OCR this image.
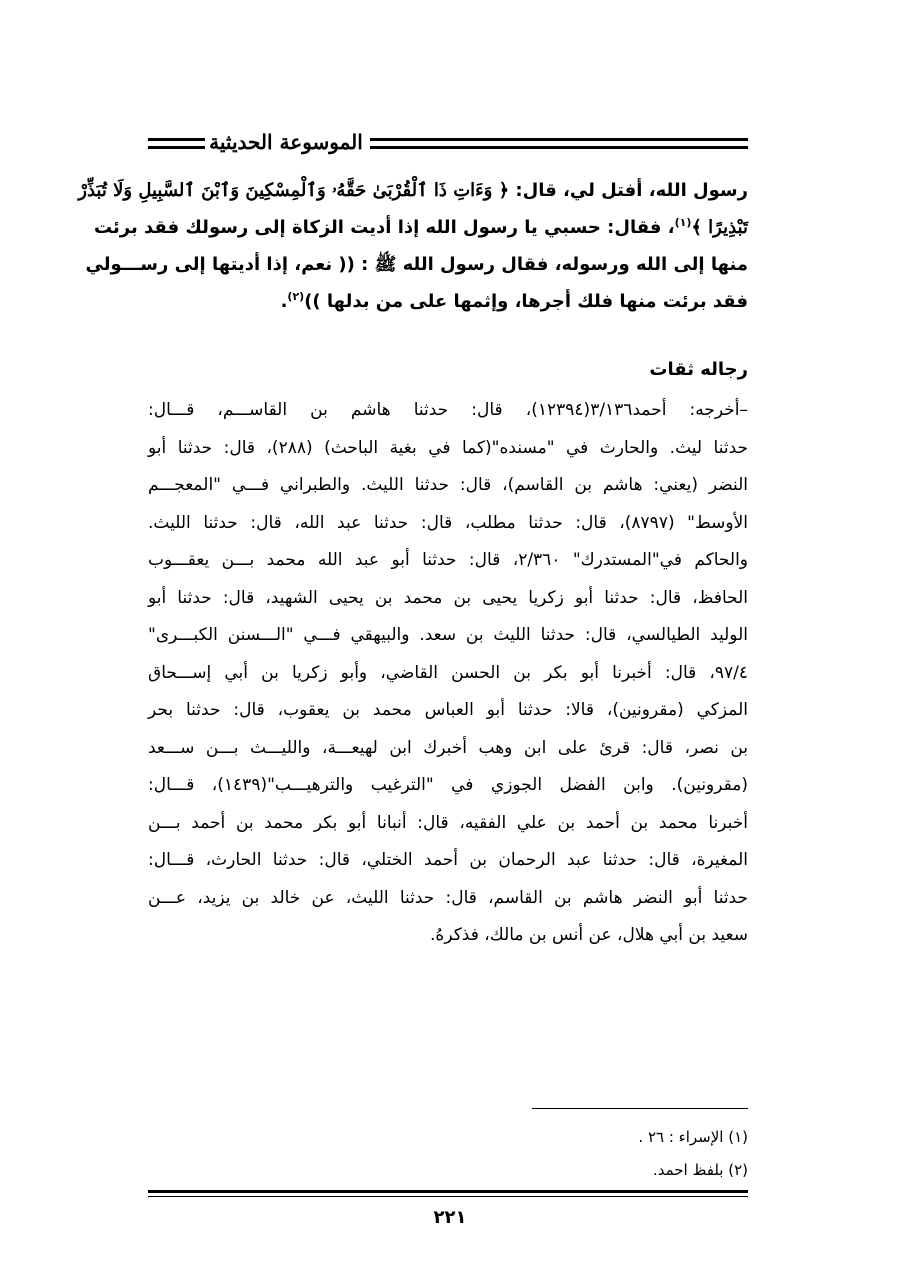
الموسوعة الحديثية
رسول الله، أفتل لي، قال: ﴿ وَءَاتِ ذَا ٱلْقُرْبَىٰ حَقَّهُۥ وَٱلْمِسْكِينَ وَٱبْنَ ٱلسَّبِيلِ وَلَا تُبَذِّرْ
تَبْذِيرًا ﴾$^{(١)}$، فقال: حسبي يا رسول الله إذا أديت الزكاة إلى رسولك فقد برئت
منها إلى الله ورسوله، فقال رسول الله ﷺ : (( نعم، إذا أديتها إلى رســـولي
فقد برئت منها فلك أجرها، وإثمها على من بدلها ))$^{(٢)}$.
رجاله ثقات
–أخرجه: أحمد٣/١٣٦(١٢٣٩٤)، قال: حدثنا هاشم بن القاســـم، قـــال:
حدثنا ليث. والحارث في "مسنده"(كما في بغية الباحث) (٢٨٨)، قال: حدثنا أبو
النضر (يعني: هاشم بن القاسم)، قال: حدثنا الليث. والطبراني فـــي "المعجـــم
الأوسط" (٨٧٩٧)، قال: حدثنا مطلب، قال: حدثنا عبد الله، قال: حدثنا الليث.
والحاكم في"المستدرك" ٢/٣٦٠، قال: حدثنا أبو عبد الله محمد بـــن يعقـــوب
الحافظ، قال: حدثنا أبو زكريا يحيى بن محمد بن يحيى الشهيد، قال: حدثنا أبو
الوليد الطيالسي، قال: حدثنا الليث بن سعد. والبيهقي فـــي "الـــسنن الكبـــرى"
٩٧/٤، قال: أخبرنا أبو بكر بن الحسن القاضي، وأبو زكريا بن أبي إســـحاق
المزكي (مقرونين)، قالا: حدثنا أبو العباس محمد بن يعقوب، قال: حدثنا بحر
بن نصر، قال: قرئ على ابن وهب أخبرك ابن لهيعـــة، والليـــث بـــن ســـعد
(مقرونين). وابن الفضل الجوزي في "الترغيب والترهيـــب"(١٤٣٩)، قـــال:
أخبرنا محمد بن أحمد بن علي الفقيه، قال: أنبانا أبو بكر محمد بن أحمد بـــن
المغيرة، قال: حدثنا عبد الرحمان بن أحمد الختلي، قال: حدثنا الحارث، قـــال:
حدثنا أبو النضر هاشم بن القاسم، قال: حدثنا الليث، عن خالد بن يزيد، عـــن
سعيد بن أبي هلال، عن أنس بن مالك، فذكرهُ.
(١) الإسراء : ٢٦ .
(٢) بلفظ احمد.
٢٢١
